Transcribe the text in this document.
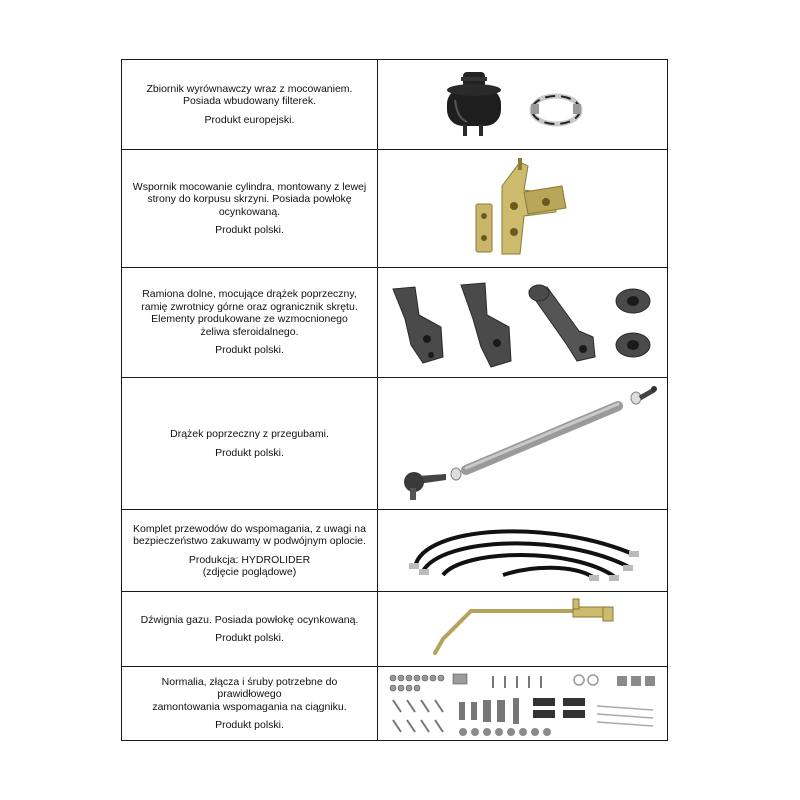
Zbiornik wyrównawczy wraz z mocowaniem.
Posiada wbudowany filterek.

Produkt europejski.

Wspornik mocowanie cylindra, montowany z lewej
strony do korpusu skrzyni. Posiada powłokę
ocynkowaną.

Produkt polski.

Ramiona dolne, mocujące drążek poprzeczny,
ramię zwrotnicy górne oraz ogranicznik skrętu.
Elementy produkowane ze wzmocnionego
żeliwa sferoidalnego.

Produkt polski.

Drążek poprzeczny z przegubami.

Produkt polski.

Komplet przewodów do wspomagania, z uwagi na
bezpieczeństwo zakuwamy w podwójnym oplocie.

Produkcja: HYDROLIDER
(zdjęcie poglądowe)

Dźwignia gazu. Posiada powłokę ocynkowaną.

Produkt polski.

Normalia, złącza i śruby potrzebne do prawidłowego
zamontowania wspomagania na ciągniku.

Produkt polski.
